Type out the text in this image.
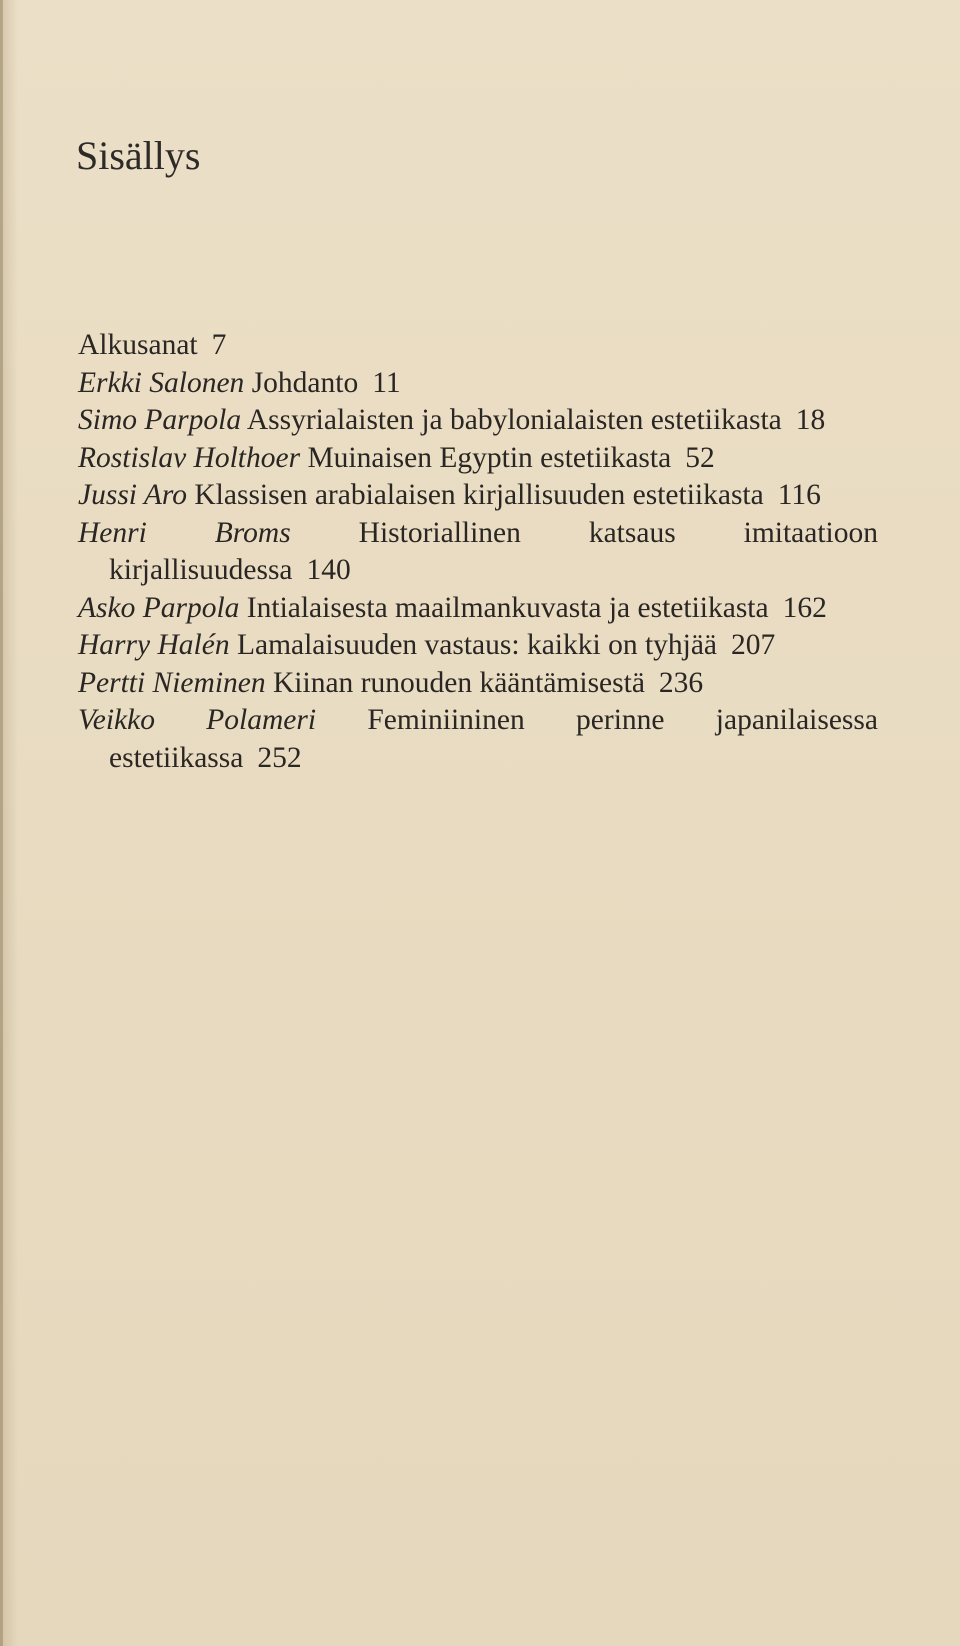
Sisällys
Alkusanat 7
Erkki Salonen Johdanto 11
Simo Parpola Assyrialaisten ja babylonialaisten estetiikasta 18
Rostislav Holthoer Muinaisen Egyptin estetiikasta 52
Jussi Aro Klassisen arabialaisen kirjallisuuden estetiikasta 116
Henri Broms Historiallinen katsaus imitaatioon kirjallisuudessa 140
Asko Parpola Intialaisesta maailmankuvasta ja estetiikasta 162
Harry Halén Lamalaisuuden vastaus: kaikki on tyhjää 207
Pertti Nieminen Kiinan runouden kääntämisestä 236
Veikko Polameri Feminiininen perinne japanilaisessa estetiikassa 252
